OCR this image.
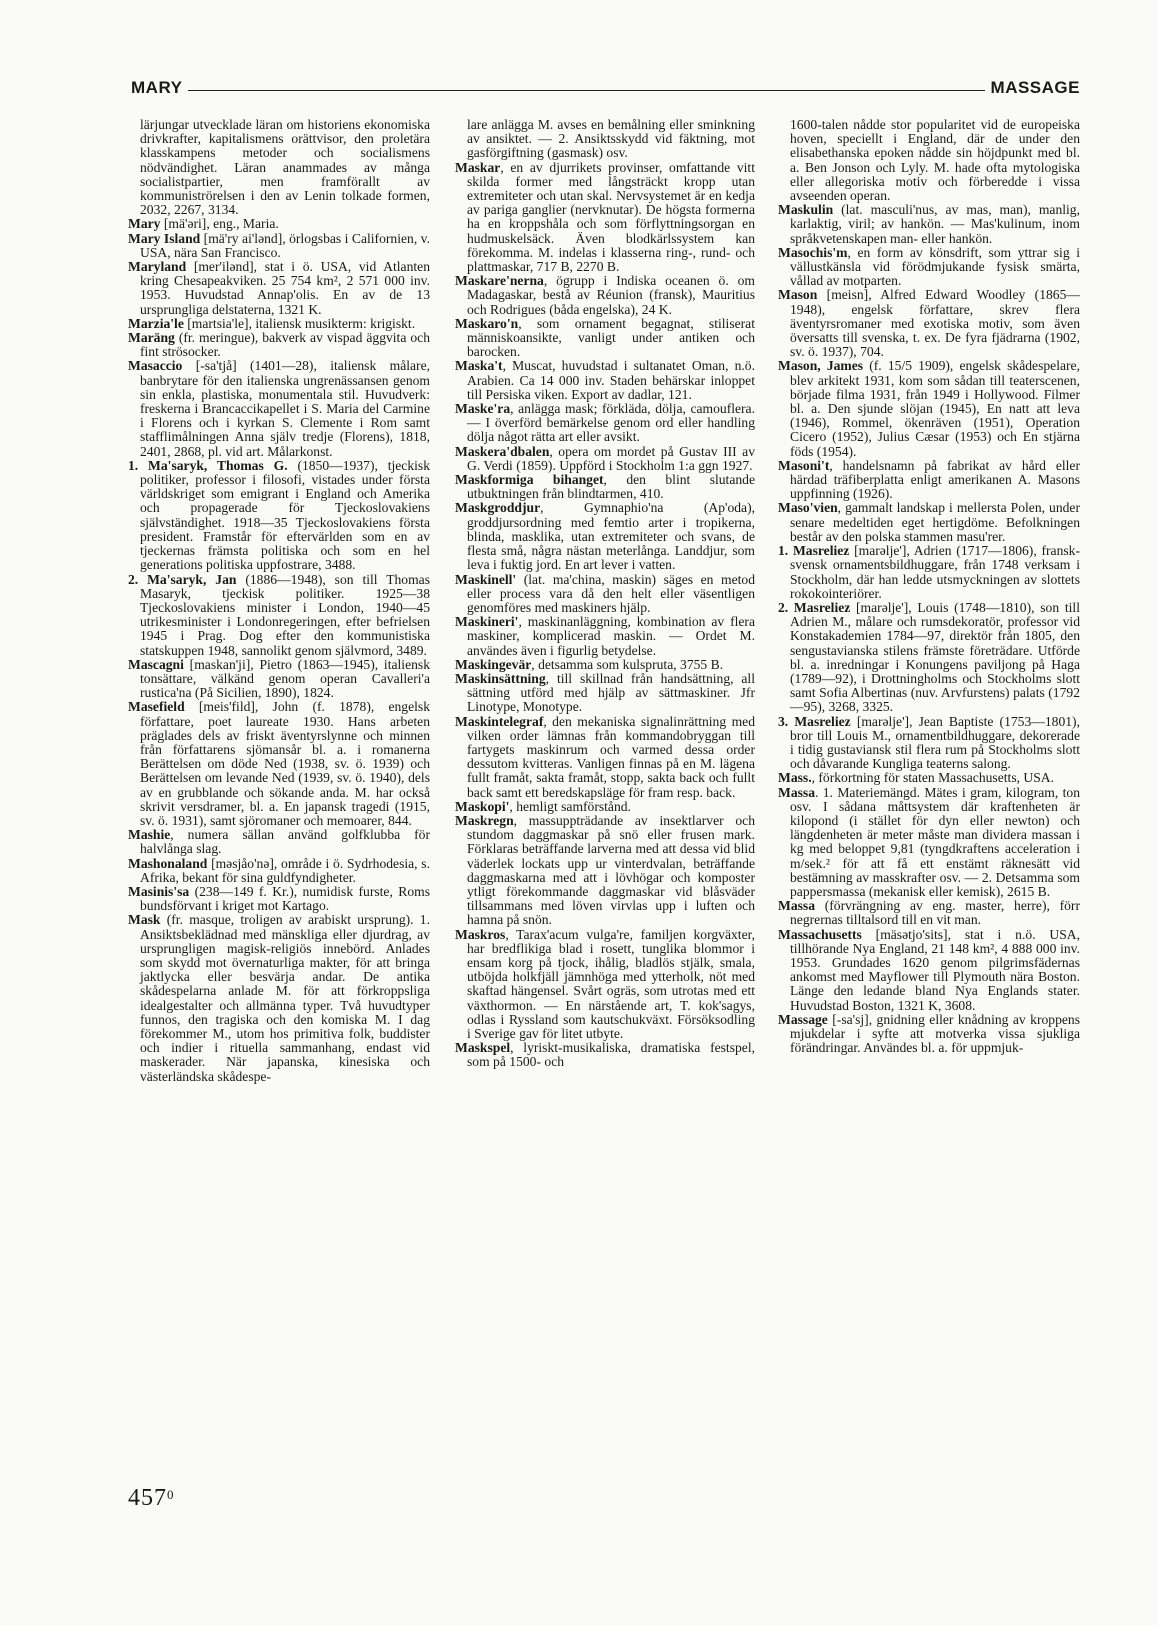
MARY	MASSAGE

lärjungar utvecklade läran om historiens ekonomiska drivkrafter, kapitalismens orättvisor, den proletära klasskampens metoder och socialismens nödvändighet. Läran anammades av många socialistpartier, men framförallt av kommuniströrelsen i den av Lenin tolkade formen, 2032, 2267, 3134.

Mary [mä'əri], eng., Maria.

Mary Island [mä'ry ai'lənd], örlogsbas i Californien, v. USA, nära San Francisco.

Maryland [mer'ilənd], stat i ö. USA, vid Atlanten kring Chesapeakviken. 25 754 km², 2 571 000 inv. 1953. Huvudstad Annap'olis. En av de 13 ursprungliga delstaterna, 1321 K.

Marzia'le [martsia'le], italiensk musikterm: krigiskt.

Maräng (fr. meringue), bakverk av vispad äggvita och fint strösocker.

Masaccio [-sa'tjå] (1401—28), italiensk målare, banbrytare för den italienska ungrenässansen genom sin enkla, plastiska, monumentala stil. Huvudverk: freskerna i Brancaccikapellet i S. Maria del Carmine i Florens och i kyrkan S. Clemente i Rom samt stafflimålningen Anna själv tredje (Florens), 1818, 2401, 2868, pl. vid art. Målarkonst.

1. Ma'saryk, Thomas G. (1850—1937), tjeckisk politiker, professor i filosofi, vistades under första världskriget som emigrant i England och Amerika och propagerade för Tjeckoslovakiens självständighet. 1918—35 Tjeckoslovakiens första president. Framstår för eftervärlden som en av tjeckernas främsta politiska och som en hel generations politiska uppfostrare, 3488.

2. Ma'saryk, Jan (1886—1948), son till Thomas Masaryk, tjeckisk politiker. 1925—38 Tjeckoslovakiens minister i London, 1940—45 utrikesminister i Londonregeringen, efter befrielsen 1945 i Prag. Dog efter den kommunistiska statskuppen 1948, sannolikt genom självmord, 3489.

Mascagni [maskan'ji], Pietro (1863—1945), italiensk tonsättare, välkänd genom operan Cavalleri'a rustica'na (På Sicilien, 1890), 1824.

Masefield [meis'fild], John (f. 1878), engelsk författare, poet laureate 1930. Hans arbeten präglades dels av friskt äventyrslynne och minnen från författarens sjömansår bl. a. i romanerna Berättelsen om döde Ned (1938, sv. ö. 1939) och Berättelsen om levande Ned (1939, sv. ö. 1940), dels av en grubblande och sökande anda. M. har också skrivit versdramer, bl. a. En japansk tragedi (1915, sv. ö. 1931), samt sjöromaner och memoarer, 844.

Mashie, numera sällan använd golfklubba för halvlånga slag.

Mashonaland [məsjåo'nə], område i ö. Sydrhodesia, s. Afrika, bekant för sina guldfyndigheter.

Masinis'sa (238—149 f. Kr.), numidisk furste, Roms bundsförvant i kriget mot Kartago.

Mask (fr. masque, troligen av arabiskt ursprung). 1. Ansiktsbeklädnad med mänskliga eller djurdrag, av ursprungligen magisk-religiös innebörd. Anlades som skydd mot övernaturliga makter, för att bringa jaktlycka eller besvärja andar. De antika skådespelarna anlade M. för att förkroppsliga idealgestalter och allmänna typer. Två huvudtyper funnos, den tragiska och den komiska M. I dag förekommer M., utom hos primitiva folk, buddister och indier i rituella sammanhang, endast vid maskerader. När japanska, kinesiska och västerländska skådespe-

lare anlägga M. avses en bemålning eller sminkning av ansiktet. — 2. Ansiktsskydd vid fäktning, mot gasförgiftning (gasmask) osv.

Maskar, en av djurrikets provinser, omfattande vitt skilda former med långsträckt kropp utan extremiteter och utan skal. Nervsystemet är en kedja av pariga ganglier (nervknutar). De högsta formerna ha en kroppshåla och som förflyttningsorgan en hudmuskelsäck. Även blodkärlssystem kan förekomma. M. indelas i klasserna ring-, rund- och plattmaskar, 717 B, 2270 B.

Maskare'nerna, ögrupp i Indiska oceanen ö. om Madagaskar, bestå av Réunion (fransk), Mauritius och Rodrigues (båda engelska), 24 K.

Maskaro'n, som ornament begagnat, stiliserat människoansikte, vanligt under antiken och barocken.

Maska't, Muscat, huvudstad i sultanatet Oman, n.ö. Arabien. Ca 14 000 inv. Staden behärskar inloppet till Persiska viken. Export av dadlar, 121.

Maske'ra, anlägga mask; förkläda, dölja, camouflera. — I överförd bemärkelse genom ord eller handling dölja något rätta art eller avsikt.

Maskera'dbalen, opera om mordet på Gustav III av G. Verdi (1859). Uppförd i Stockholm 1:a ggn 1927.

Maskformiga bihanget, den blint slutande utbuktningen från blindtarmen, 410.

Maskgroddjur, Gymnaphio'na (Ap'oda), groddjursordning med femtio arter i tropikerna, blinda, masklika, utan extremiteter och svans, de flesta små, några nästan meterlånga. Landdjur, som leva i fuktig jord. En art lever i vatten.

Maskinell' (lat. ma'china, maskin) säges en metod eller process vara då den helt eller väsentligen genomföres med maskiners hjälp.

Maskineri', maskinanläggning, kombination av flera maskiner, komplicerad maskin. — Ordet M. användes även i figurlig betydelse.

Maskingevär, detsamma som kulspruta, 3755 B.

Maskinsättning, till skillnad från handsättning, all sättning utförd med hjälp av sättmaskiner. Jfr Linotype, Monotype.

Maskintelegraf, den mekaniska signalinrättning med vilken order lämnas från kommandobryggan till fartygets maskinrum och varmed dessa order dessutom kvitteras. Vanligen finnas på en M. lägena fullt framåt, sakta framåt, stopp, sakta back och fullt back samt ett beredskapsläge för fram resp. back.

Maskopi', hemligt samförstånd.

Maskregn, massuppträdande av insektlarver och stundom daggmaskar på snö eller frusen mark. Förklaras beträffande larverna med att dessa vid blid väderlek lockats upp ur vinterdvalan, beträffande daggmaskarna med att i lövhögar och komposter ytligt förekommande daggmaskar vid blåsväder tillsammans med löven virvlas upp i luften och hamna på snön.

Maskros, Tarax'acum vulga're, familjen korgväxter, har bredflikiga blad i rosett, tunglika blommor i ensam korg på tjock, ihålig, bladlös stjälk, smala, utböjda holkfjäll jämnhöga med ytterholk, nöt med skaftad hängensel. Svårt ogräs, som utrotas med ett växthormon. — En närstående art, T. kok'sagys, odlas i Ryssland som kautschukväxt. Försöksodling i Sverige gav för litet utbyte.

Maskspel, lyriskt-musikaliska, dramatiska festspel, som på 1500- och

1600-talen nådde stor popularitet vid de europeiska hoven, speciellt i England, där de under den elisabethanska epoken nådde sin höjdpunkt med bl. a. Ben Jonson och Lyly. M. hade ofta mytologiska eller allegoriska motiv och förberedde i vissa avseenden operan.

Maskulin (lat. masculi'nus, av mas, man), manlig, karlaktig, viril; av hankön. — Mas'kulinum, inom språkvetenskapen man- eller hankön.

Masochis'm, en form av könsdrift, som yttrar sig i vällustkänsla vid förödmjukande fysisk smärta, vållad av motparten.

Mason [meisn], Alfred Edward Woodley (1865—1948), engelsk författare, skrev flera äventyrsromaner med exotiska motiv, som även översatts till svenska, t. ex. De fyra fjädrarna (1902, sv. ö. 1937), 704.

Mason, James (f. 15/5 1909), engelsk skådespelare, blev arkitekt 1931, kom som sådan till teaterscenen, började filma 1931, från 1949 i Hollywood. Filmer bl. a. Den sjunde slöjan (1945), En natt att leva (1946), Rommel, ökenräven (1951), Operation Cicero (1952), Julius Cæsar (1953) och En stjärna föds (1954).

Masoni't, handelsnamn på fabrikat av hård eller härdad träfiberplatta enligt amerikanen A. Masons uppfinning (1926).

Maso'vien, gammalt landskap i mellersta Polen, under senare medeltiden eget hertigdöme. Befolkningen består av den polska stammen masu'rer.

1. Masreliez [marəlje'], Adrien (1717—1806), fransk-svensk ornamentsbildhuggare, från 1748 verksam i Stockholm, där han ledde utsmyckningen av slottets rokokointeriörer.

2. Masreliez [marəlje'], Louis (1748—1810), son till Adrien M., målare och rumsdekoratör, professor vid Konstakademien 1784—97, direktör från 1805, den sengustavianska stilens främste företrädare. Utförde bl. a. inredningar i Konungens paviljong på Haga (1789—92), i Drottningholms och Stockholms slott samt Sofia Albertinas (nuv. Arvfurstens) palats (1792—95), 3268, 3325.

3. Masreliez [marəlje'], Jean Baptiste (1753—1801), bror till Louis M., ornamentbildhuggare, dekorerade i tidig gustaviansk stil flera rum på Stockholms slott och dåvarande Kungliga teaterns salong.

Mass., förkortning för staten Massachusetts, USA.

Massa. 1. Materiemängd. Mätes i gram, kilogram, ton osv. I sådana måttsystem där kraftenheten är kilopond (i stället för dyn eller newton) och längdenheten är meter måste man dividera massan i kg med beloppet 9,81 (tyngdkraftens acceleration i m/sek.² för att få ett enstämt räknesätt vid bestämning av masskrafter osv. — 2. Detsamma som pappersmassa (mekanisk eller kemisk), 2615 B.

Massa (förvrängning av eng. master, herre), förr negrernas tilltalsord till en vit man.

Massachusetts [mäsətjo'sits], stat i n.ö. USA, tillhörande Nya England, 21 148 km², 4 888 000 inv. 1953. Grundades 1620 genom pilgrimsfädernas ankomst med Mayflower till Plymouth nära Boston. Länge den ledande bland Nya Englands stater. Huvudstad Boston, 1321 K, 3608.

Massage [-sa'sj], gnidning eller knådning av kroppens mjukdelar i syfte att motverka vissa sjukliga förändringar. Användes bl. a. för uppmjuk-

$457^0$
